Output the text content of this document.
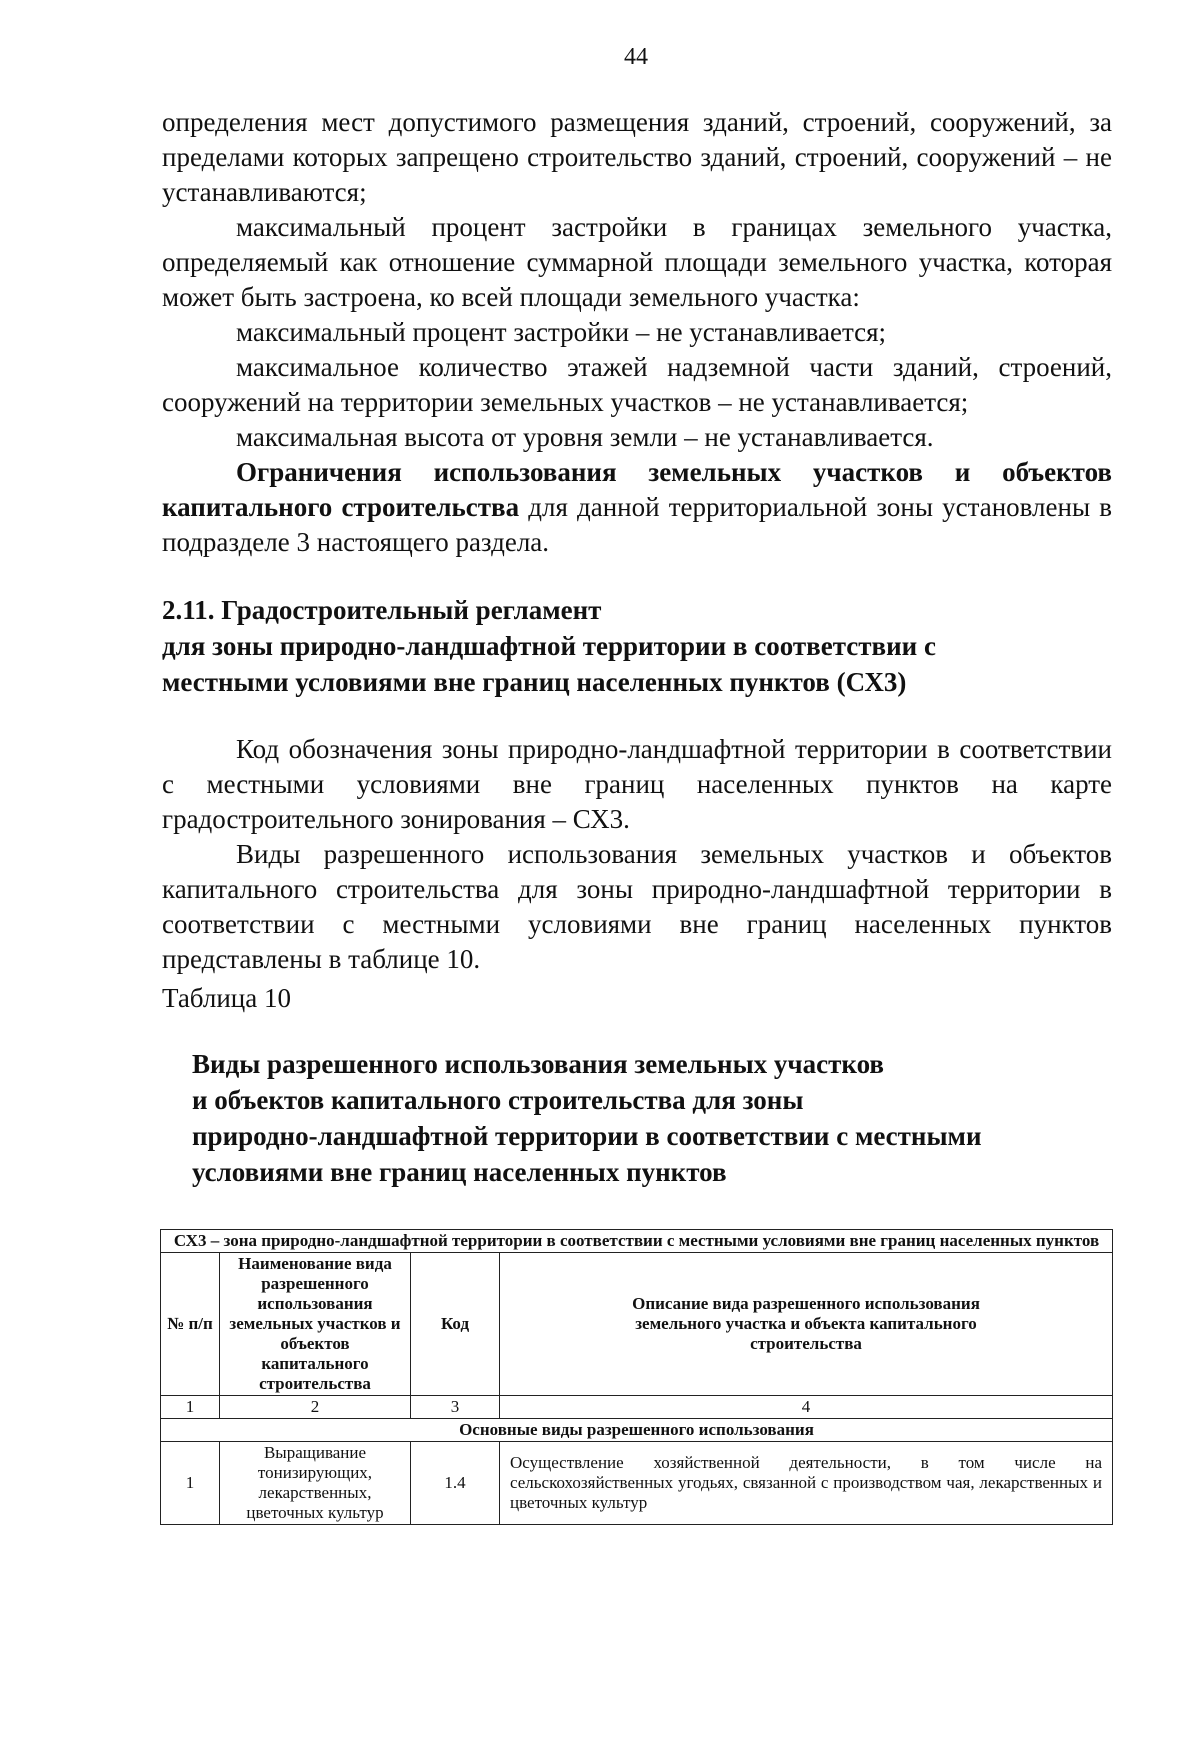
44

определения мест допустимого размещения зданий, строений, сооружений, за пределами которых запрещено строительство зданий, строений, сооружений – не устанавливаются;

максимальный процент застройки в границах земельного участка, определяемый как отношение суммарной площади земельного участка, которая может быть застроена, ко всей площади земельного участка:

максимальный процент застройки – не устанавливается;

максимальное количество этажей надземной части зданий, строений, сооружений на территории земельных участков – не устанавливается;

максимальная высота от уровня земли – не устанавливается.

Ограничения использования земельных участков и объектов капитального строительства для данной территориальной зоны установлены в подразделе 3 настоящего раздела.

2.11. Градостроительный регламент
для зоны природно-ландшафтной территории в соответствии с
местными условиями вне границ населенных пунктов (СХ3)

Код обозначения зоны природно-ландшафтной территории в соответствии с местными условиями вне границ населенных пунктов на карте градостроительного зонирования – СХ3.

Виды разрешенного использования земельных участков и объектов капитального строительства для зоны природно-ландшафтной территории в соответствии с местными условиями вне границ населенных пунктов представлены в таблице 10.

Таблица 10

Виды разрешенного использования земельных участков
и объектов капитального строительства для зоны
природно-ландшафтной территории в соответствии с местными
условиями вне границ населенных пунктов

СХ3 – зона природно-ландшафтной территории в соответствии с местными условиями вне границ населенных пунктов			
№ п/п	Наименование вида разрешенного использования земельных участков и объектов капитального строительства	Код	Описание вида разрешенного использования земельного участка и объекта капитального строительства
1	2	3	4
Основные виды разрешенного использования			
1	Выращивание тонизирующих, лекарственных, цветочных культур	1.4	Осуществление хозяйственной деятельности, в том числе на сельскохозяйственных угодьях, связанной с производством чая, лекарственных и цветочных культур
